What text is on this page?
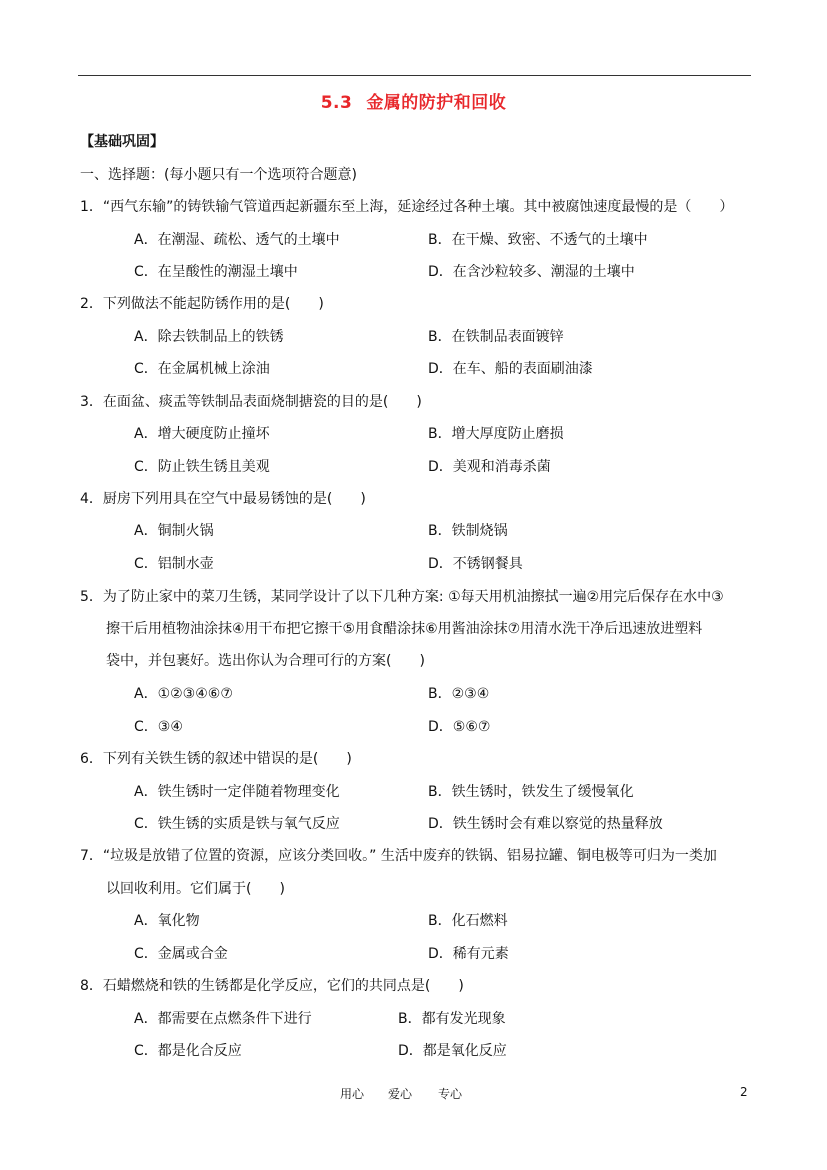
5.3 金属的防护和回收
【基础巩固】
一、选择题：(每小题只有一个选项符合题意)
1．“西气东输”的铸铁输气管道西起新疆东至上海，延途经过各种土壤。其中被腐蚀速度最慢的是（　　）
A．在潮湿、疏松、透气的土壤中	B．在干燥、致密、不透气的土壤中
C．在呈酸性的潮湿土壤中	D．在含沙粒较多、潮湿的土壤中
2．下列做法不能起防锈作用的是(　　)
A．除去铁制品上的铁锈	B．在铁制品表面镀锌
C．在金属机械上涂油	D．在车、船的表面刷油漆
3．在面盆、痰盂等铁制品表面烧制搪瓷的目的是(　　)
A．增大硬度防止撞坏	B．增大厚度防止磨损
C．防止铁生锈且美观	D．美观和消毒杀菌
4．厨房下列用具在空气中最易锈蚀的是(　　)
A．铜制火锅	B．铁制烧锅
C．铝制水壶	D．不锈钢餐具
5．为了防止家中的菜刀生锈，某同学设计了以下几种方案: ①每天用机油擦拭一遍②用完后保存在水中③
擦干后用植物油涂抹④用干布把它擦干⑤用食醋涂抹⑥用酱油涂抹⑦用清水洗干净后迅速放进塑料
袋中，并包裹好。选出你认为合理可行的方案(　　)
A．①②③④⑥⑦	B．②③④
C．③④	D．⑤⑥⑦
6．下列有关铁生锈的叙述中错误的是(　　)
A．铁生锈时一定伴随着物理变化	B．铁生锈时，铁发生了缓慢氧化
C．铁生锈的实质是铁与氧气反应	D．铁生锈时会有难以察觉的热量释放
7．“垃圾是放错了位置的资源，应该分类回收。” 生活中废弃的铁锅、铝易拉罐、铜电极等可归为一类加
以回收利用。它们属于(　　)
A．氧化物	B．化石燃料
C．金属或合金	D．稀有元素
8．石蜡燃烧和铁的生锈都是化学反应，它们的共同点是(　　)
A．都需要在点燃条件下进行	B．都有发光现象
C．都是化合反应	D．都是氧化反应
用心 爱心 专心	2
